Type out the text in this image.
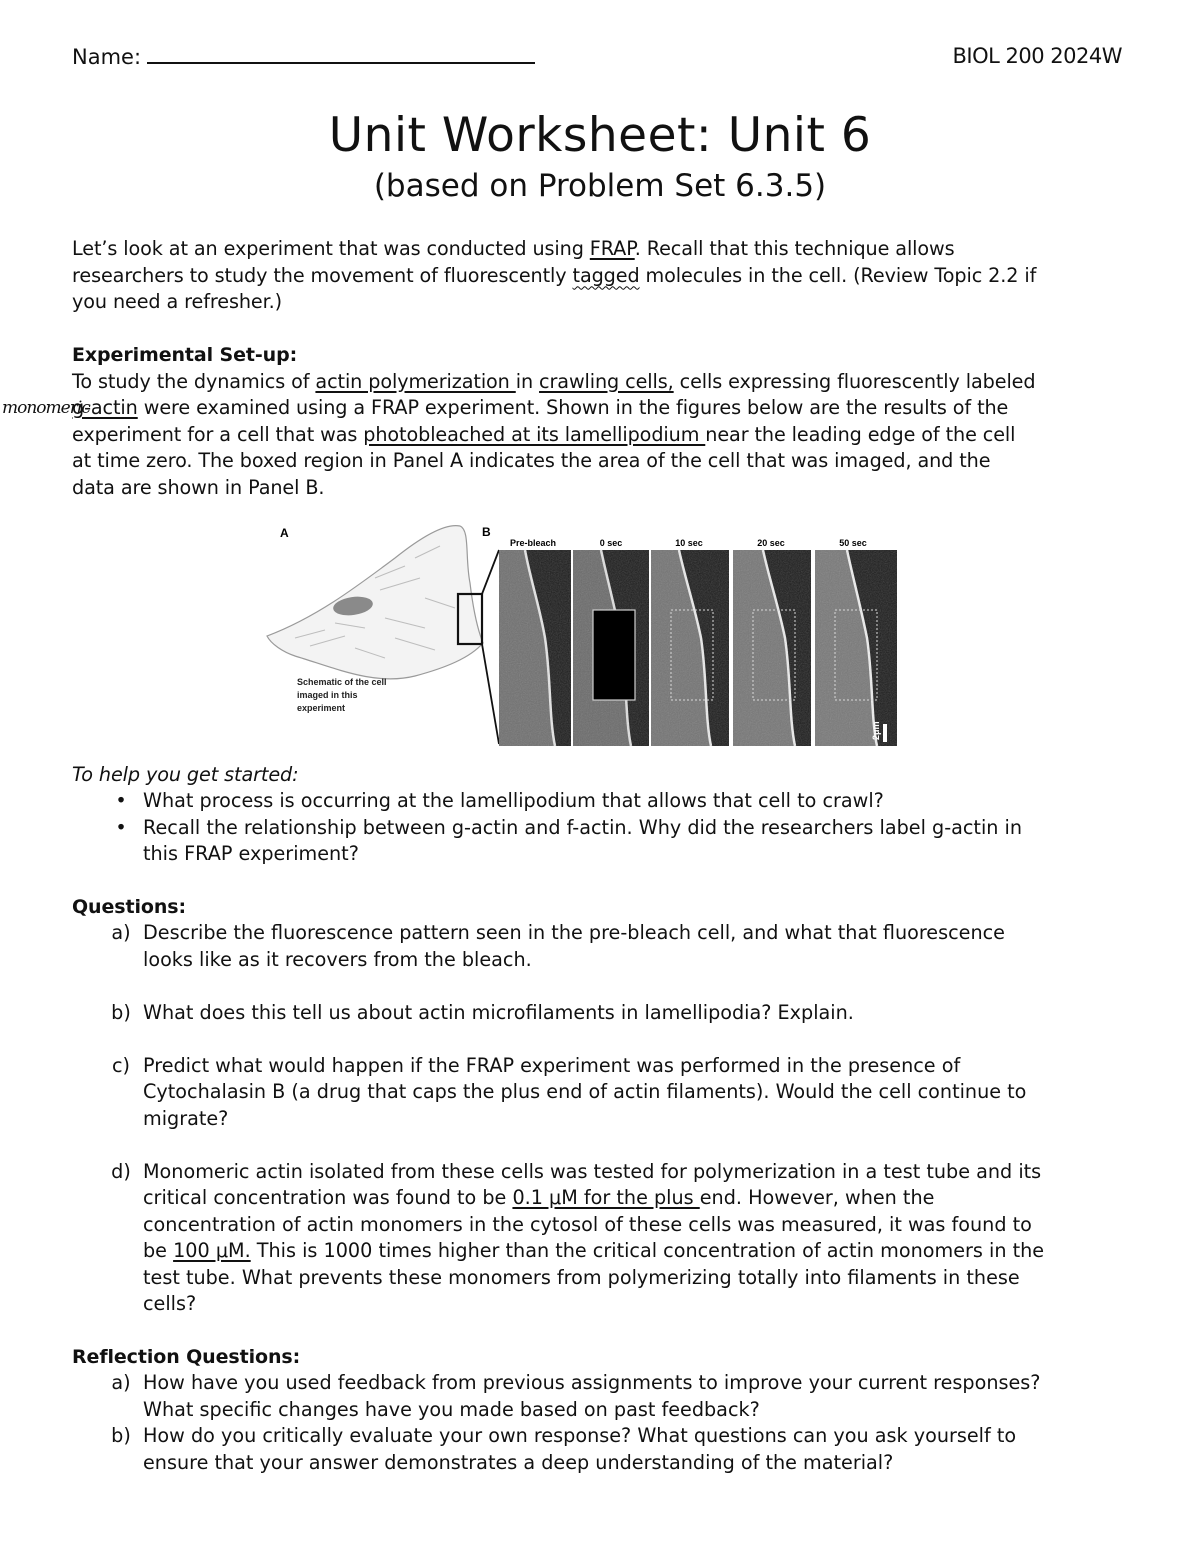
Name:	BIOL 200 2024W
Unit Worksheet: Unit 6
(based on Problem Set 6.3.5)
Let’s look at an experiment that was conducted using FRAP. Recall that this technique allows
researchers to study the movement of fluorescently tagged molecules in the cell. (Review Topic 2.2 if
you need a refresher.)
Experimental Set-up:
To study the dynamics of actin polymerization in crawling cells, cells expressing fluorescently labeled
g-actin were examined using a FRAP experiment. Shown in the figures below are the results of the
experiment for a cell that was photobleached at its lamellipodium near the leading edge of the cell
at time zero. The boxed region in Panel A indicates the area of the cell that was imaged, and the
data are shown in Panel B.
monomeric
A
Schematic of the cell imaged in this experiment
B
Pre-bleach	0 sec	10 sec	20 sec	50 sec
2μm
To help you get started:
• What process is occurring at the lamellipodium that allows that cell to crawl?
• Recall the relationship between g-actin and f-actin. Why did the researchers label g-actin in
this FRAP experiment?
Questions:
a) Describe the fluorescence pattern seen in the pre-bleach cell, and what that fluorescence
looks like as it recovers from the bleach.
b) What does this tell us about actin microfilaments in lamellipodia? Explain.
c) Predict what would happen if the FRAP experiment was performed in the presence of
Cytochalasin B (a drug that caps the plus end of actin filaments). Would the cell continue to
migrate?
d) Monomeric actin isolated from these cells was tested for polymerization in a test tube and its
critical concentration was found to be 0.1 μM for the plus end. However, when the
concentration of actin monomers in the cytosol of these cells was measured, it was found to
be 100 μM. This is 1000 times higher than the critical concentration of actin monomers in the
test tube. What prevents these monomers from polymerizing totally into filaments in these
cells?
Reflection Questions:
a) How have you used feedback from previous assignments to improve your current responses?
What specific changes have you made based on past feedback?
b) How do you critically evaluate your own response? What questions can you ask yourself to
ensure that your answer demonstrates a deep understanding of the material?
